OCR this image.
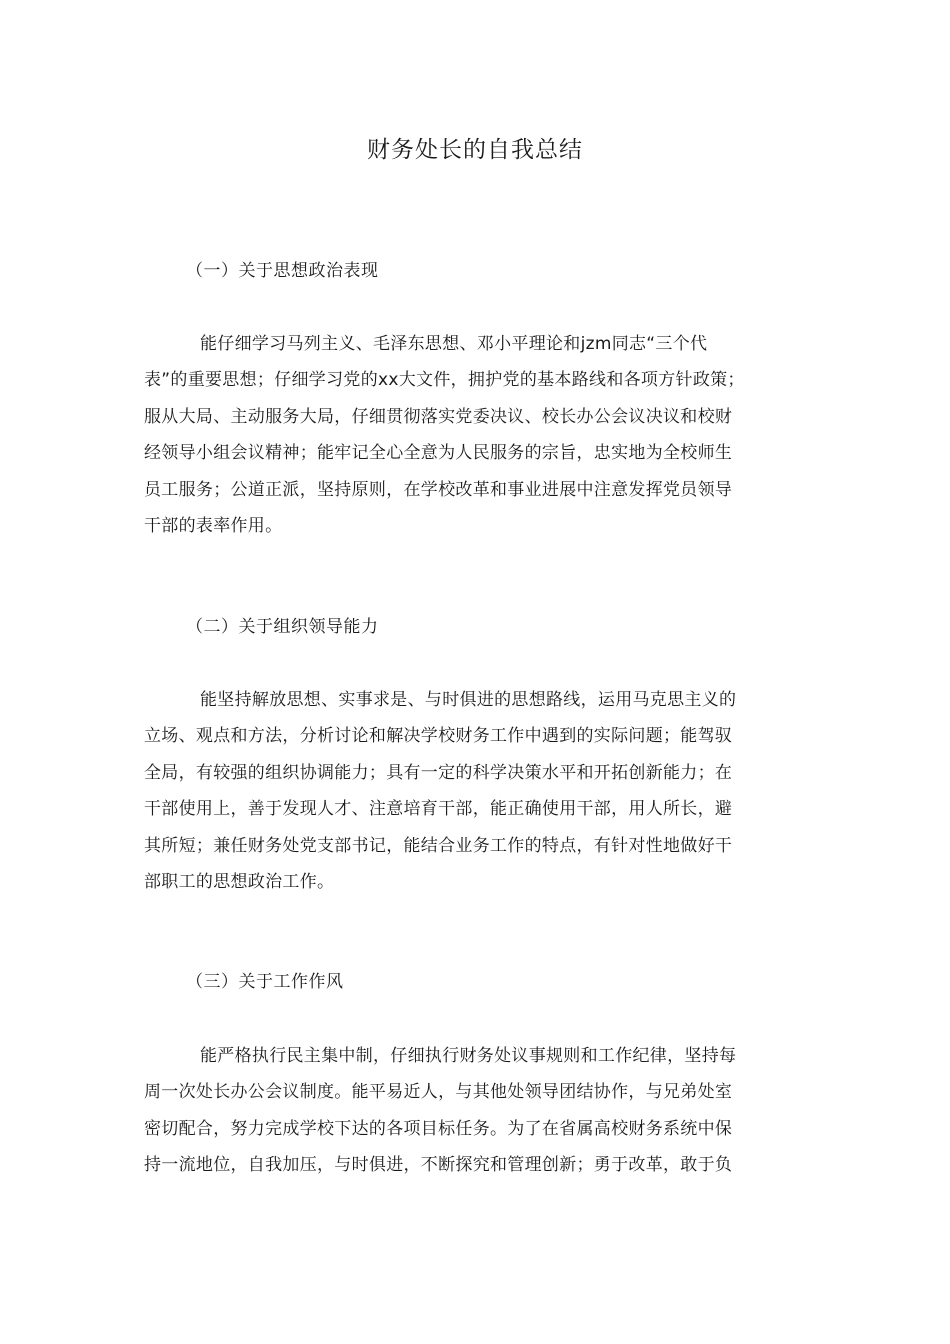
财务处长的自我总结
（一）关于思想政治表现
能仔细学习马列主义、毛泽东思想、邓小平理论和jzm同志“三个代
表”的重要思想；仔细学习党的xx大文件，拥护党的基本路线和各项方针政策；
服从大局、主动服务大局，仔细贯彻落实党委决议、校长办公会议决议和校财
经领导小组会议精神；能牢记全心全意为人民服务的宗旨，忠实地为全校师生
员工服务；公道正派，坚持原则，在学校改革和事业进展中注意发挥党员领导
干部的表率作用。
（二）关于组织领导能力
能坚持解放思想、实事求是、与时俱进的思想路线，运用马克思主义的
立场、观点和方法，分析讨论和解决学校财务工作中遇到的实际问题；能驾驭
全局，有较强的组织协调能力；具有一定的科学决策水平和开拓创新能力；在
干部使用上，善于发现人才、注意培育干部，能正确使用干部，用人所长，避
其所短；兼任财务处党支部书记，能结合业务工作的特点，有针对性地做好干
部职工的思想政治工作。
（三）关于工作作风
能严格执行民主集中制，仔细执行财务处议事规则和工作纪律，坚持每
周一次处长办公会议制度。能平易近人，与其他处领导团结协作，与兄弟处室
密切配合，努力完成学校下达的各项目标任务。为了在省属高校财务系统中保
持一流地位，自我加压，与时俱进，不断探究和管理创新；勇于改革，敢于负
